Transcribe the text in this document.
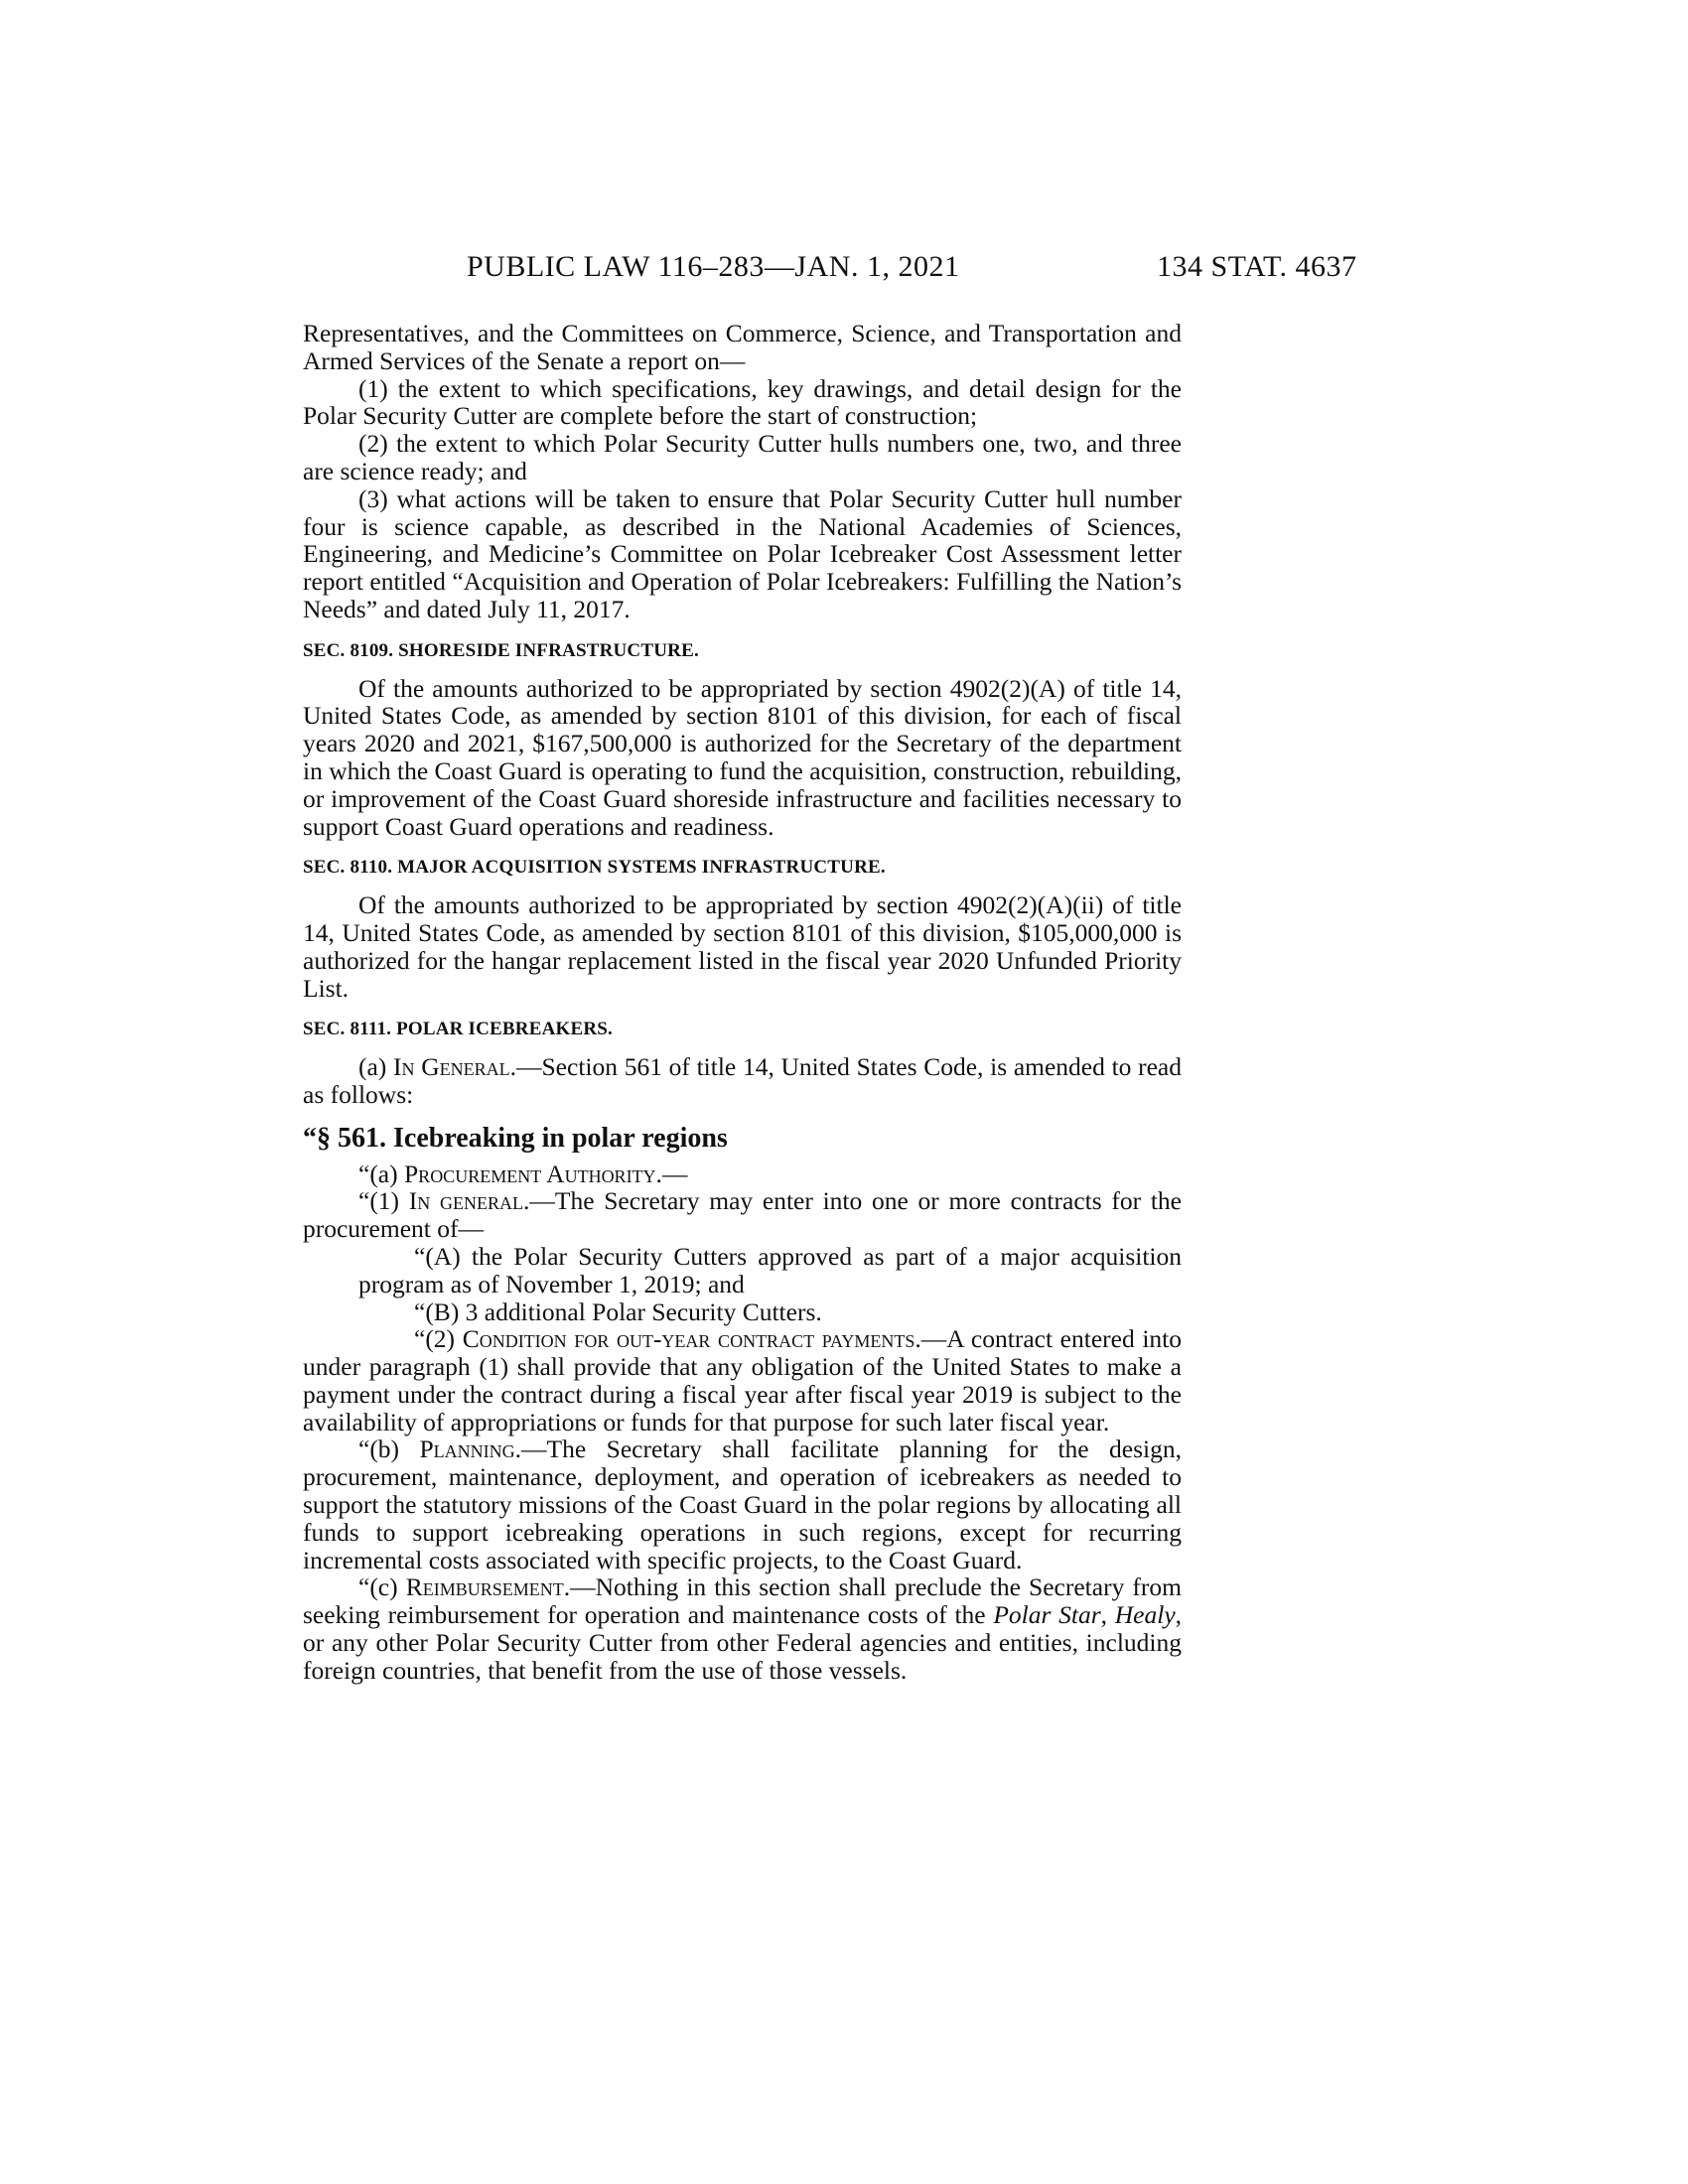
PUBLIC LAW 116–283—JAN. 1, 2021	134 STAT. 4637

Representatives, and the Committees on Commerce, Science, and Transportation and Armed Services of the Senate a report on—

(1) the extent to which specifications, key drawings, and detail design for the Polar Security Cutter are complete before the start of construction;

(2) the extent to which Polar Security Cutter hulls numbers one, two, and three are science ready; and

(3) what actions will be taken to ensure that Polar Security Cutter hull number four is science capable, as described in the National Academies of Sciences, Engineering, and Medicine’s Committee on Polar Icebreaker Cost Assessment letter report entitled “Acquisition and Operation of Polar Icebreakers: Fulfilling the Nation’s Needs” and dated July 11, 2017.

SEC. 8109. SHORESIDE INFRASTRUCTURE.

Of the amounts authorized to be appropriated by section 4902(2)(A) of title 14, United States Code, as amended by section 8101 of this division, for each of fiscal years 2020 and 2021, $167,500,000 is authorized for the Secretary of the department in which the Coast Guard is operating to fund the acquisition, construction, rebuilding, or improvement of the Coast Guard shoreside infrastructure and facilities necessary to support Coast Guard operations and readiness.

SEC. 8110. MAJOR ACQUISITION SYSTEMS INFRASTRUCTURE.

Of the amounts authorized to be appropriated by section 4902(2)(A)(ii) of title 14, United States Code, as amended by section 8101 of this division, $105,000,000 is authorized for the hangar replacement listed in the fiscal year 2020 Unfunded Priority List.

SEC. 8111. POLAR ICEBREAKERS.

(a) In General.—Section 561 of title 14, United States Code, is amended to read as follows:

“§ 561. Icebreaking in polar regions

“(a) Procurement Authority.—

“(1) In general.—The Secretary may enter into one or more contracts for the procurement of—

“(A) the Polar Security Cutters approved as part of a major acquisition program as of November 1, 2019; and

“(B) 3 additional Polar Security Cutters.

“(2) Condition for out-year contract payments.—A contract entered into under paragraph (1) shall provide that any obligation of the United States to make a payment under the contract during a fiscal year after fiscal year 2019 is subject to the availability of appropriations or funds for that purpose for such later fiscal year.

“(b) Planning.—The Secretary shall facilitate planning for the design, procurement, maintenance, deployment, and operation of icebreakers as needed to support the statutory missions of the Coast Guard in the polar regions by allocating all funds to support icebreaking operations in such regions, except for recurring incremental costs associated with specific projects, to the Coast Guard.

“(c) Reimbursement.—Nothing in this section shall preclude the Secretary from seeking reimbursement for operation and maintenance costs of the Polar Star, Healy, or any other Polar Security Cutter from other Federal agencies and entities, including foreign countries, that benefit from the use of those vessels.
